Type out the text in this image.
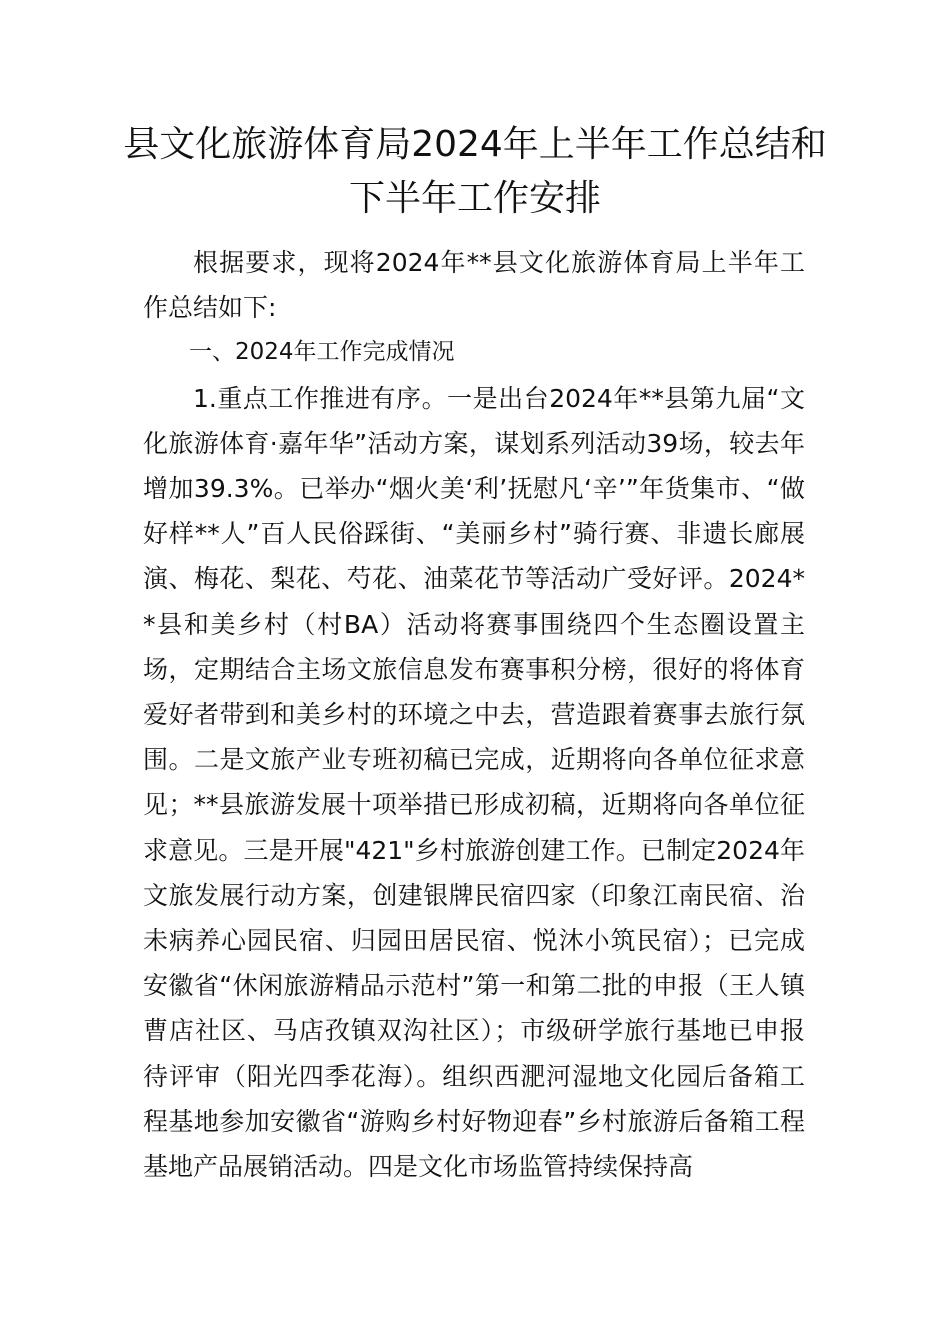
县文化旅游体育局2024年上半年工作总结和下半年工作安排

根据要求，现将2024年**县文化旅游体育局上半年工作总结如下:

一、2024年工作完成情况

1.重点工作推进有序。一是出台2024年**县第九届“文化旅游体育·嘉年华”活动方案，谋划系列活动39场，较去年增加39.3%。已举办“烟火美‘利’抚慰凡‘辛’”年货集市、“做好样**人”百人民俗踩街、“美丽乡村”骑行赛、非遗长廊展演、梅花、梨花、芍花、油菜花节等活动广受好评。2024**县和美乡村（村BA）活动将赛事围绕四个生态圈设置主场，定期结合主场文旅信息发布赛事积分榜，很好的将体育爱好者带到和美乡村的环境之中去，营造跟着赛事去旅行氛围。二是文旅产业专班初稿已完成，近期将向各单位征求意见；**县旅游发展十项举措已形成初稿，近期将向各单位征求意见。三是开展"421"乡村旅游创建工作。已制定2024年文旅发展行动方案，创建银牌民宿四家（印象江南民宿、治未病养心园民宿、归园田居民宿、悦沐小筑民宿）；已完成安徽省“休闲旅游精品示范村”第一和第二批的申报（王人镇曹店社区、马店孜镇双沟社区）；市级研学旅行基地已申报待评审（阳光四季花海）。组织西淝河湿地文化园后备箱工程基地参加安徽省“游购乡村好物迎春”乡村旅游后备箱工程基地产品展销活动。四是文化市场监管持续保持高
